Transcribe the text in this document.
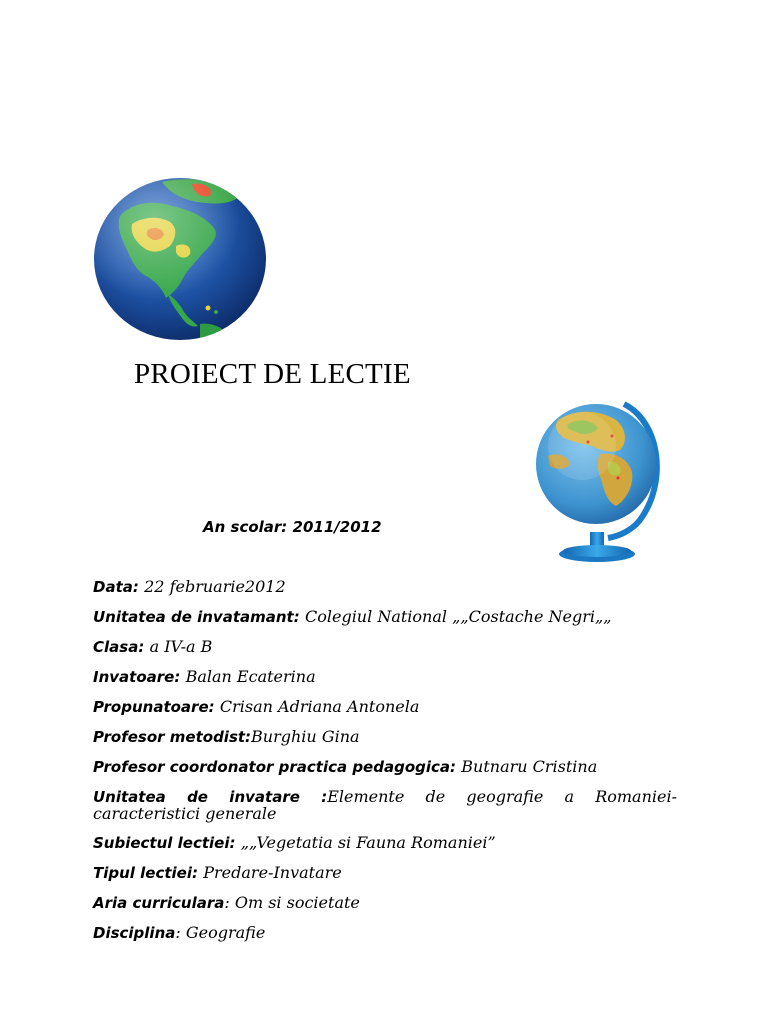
PROIECT DE LECTIE
An scolar: 2011/2012
Data: 22 februarie2012
Unitatea de invatamant: Colegiul National „„Costache Negri„„
Clasa: a IV-a B
Invatoare: Balan Ecaterina
Propunatoare: Crisan Adriana Antonela
Profesor metodist:Burghiu Gina
Profesor coordonator practica pedagogica: Butnaru Cristina
Unitatea de invatare :Elemente de geografie a Romaniei-
caracteristici generale
Subiectul lectiei: „„Vegetatia si Fauna Romaniei”
Tipul lectiei: Predare-Invatare
Aria curriculara: Om si societate
Disciplina: Geografie
